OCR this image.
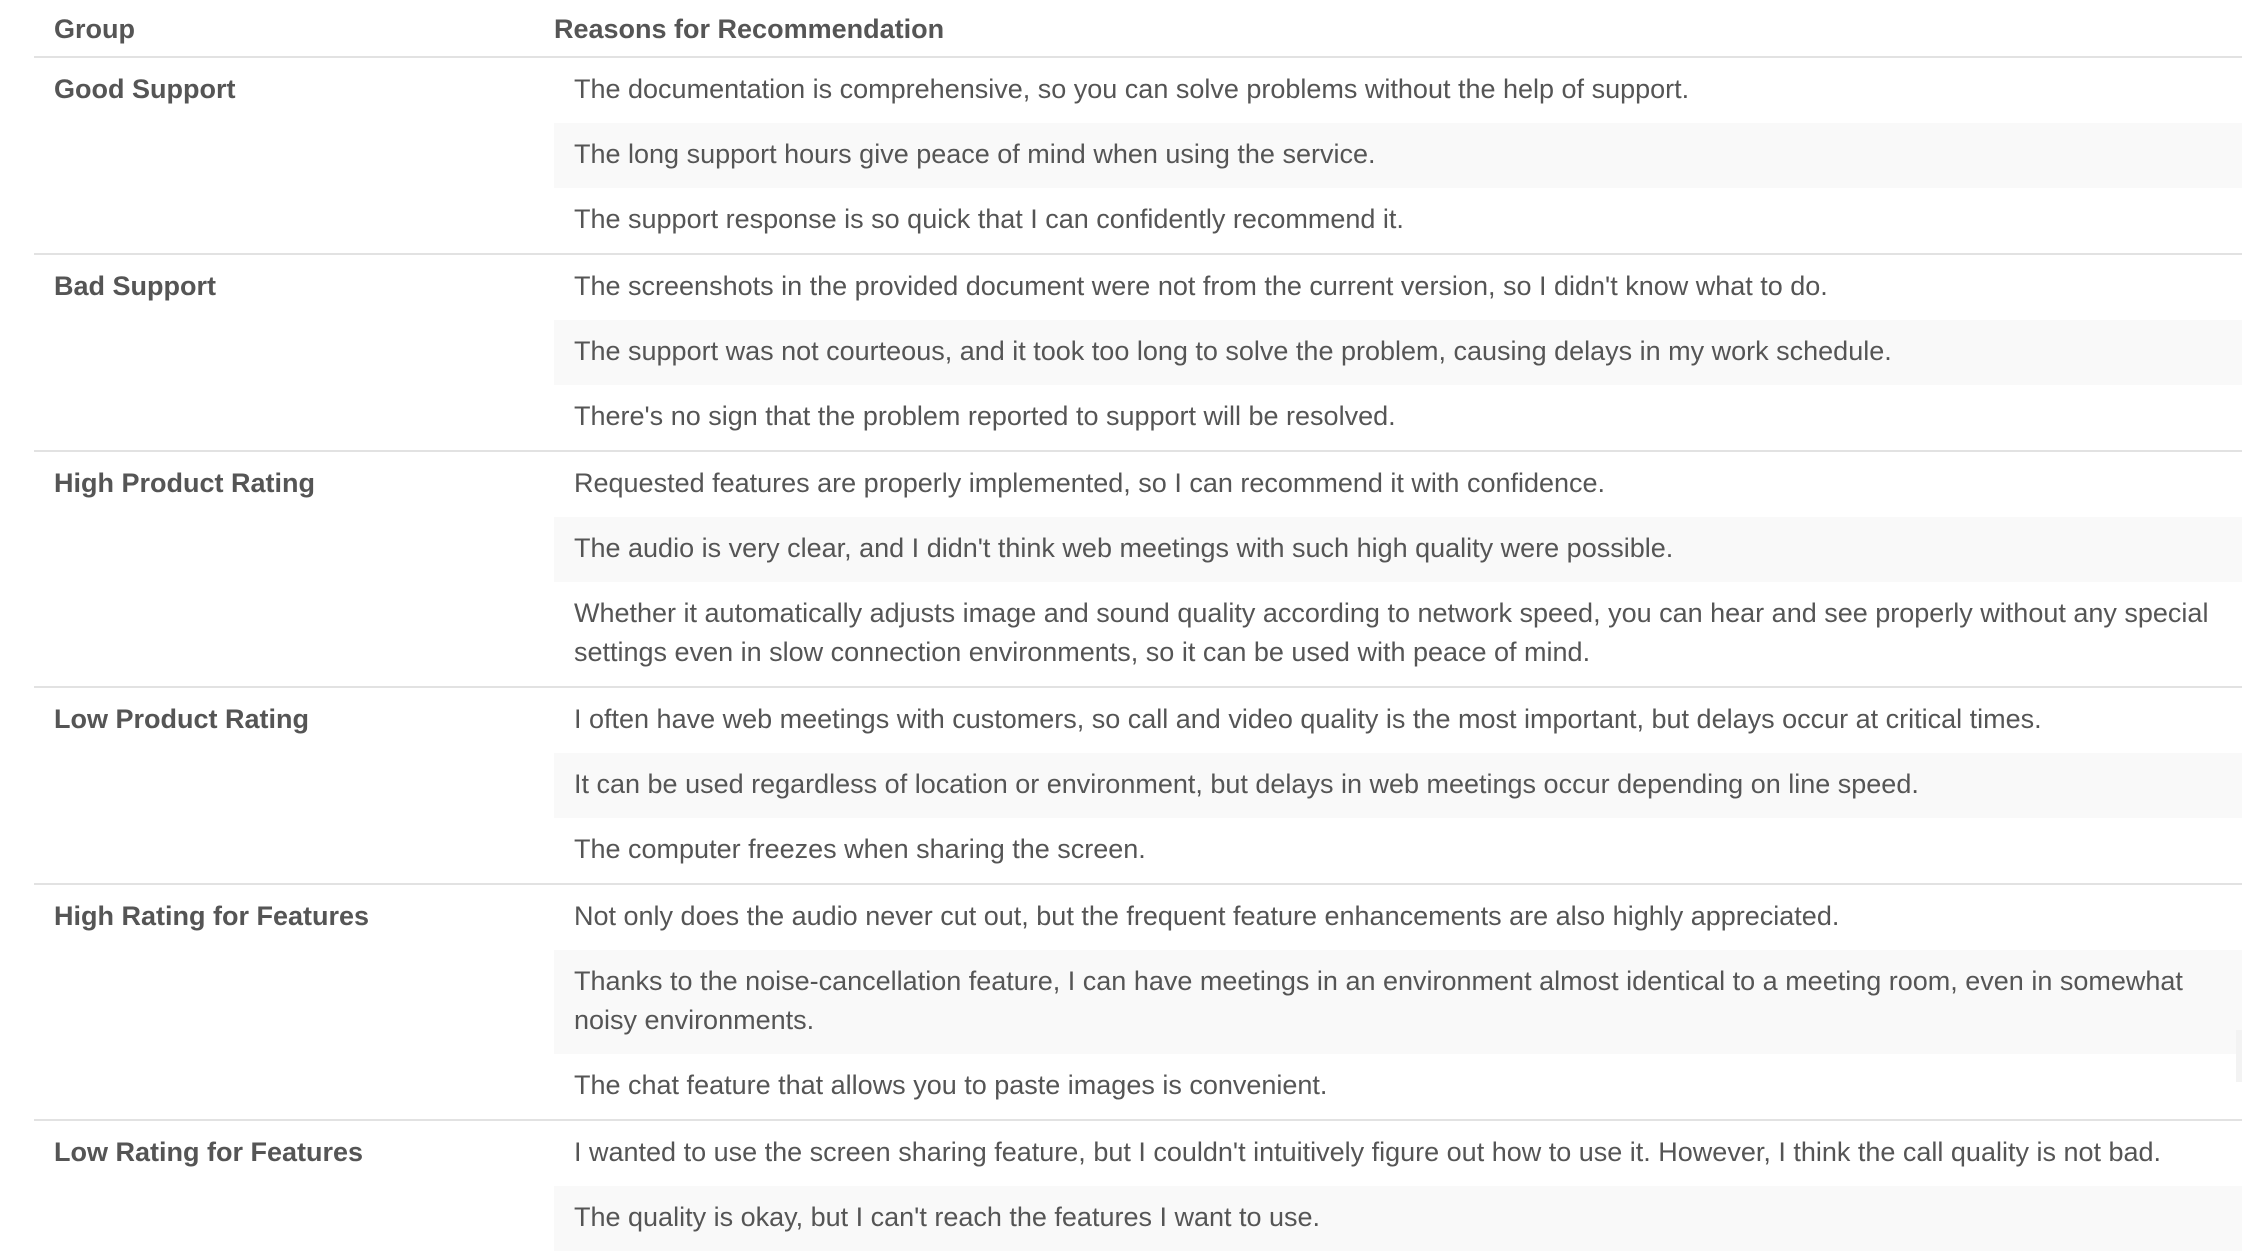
Group	Reasons for Recommendation
Good Support	The documentation is comprehensive, so you can solve problems without the help of support.
The long support hours give peace of mind when using the service.
The support response is so quick that I can confidently recommend it.
Bad Support	The screenshots in the provided document were not from the current version, so I didn't know what to do.
The support was not courteous, and it took too long to solve the problem, causing delays in my work schedule.
There's no sign that the problem reported to support will be resolved.
High Product Rating	Requested features are properly implemented, so I can recommend it with confidence.
The audio is very clear, and I didn't think web meetings with such high quality were possible.
Whether it automatically adjusts image and sound quality according to network speed, you can hear and see properly without any special settings even in slow connection environments, so it can be used with peace of mind.
Low Product Rating	I often have web meetings with customers, so call and video quality is the most important, but delays occur at critical times.
It can be used regardless of location or environment, but delays in web meetings occur depending on line speed.
The computer freezes when sharing the screen.
High Rating for Features	Not only does the audio never cut out, but the frequent feature enhancements are also highly appreciated.
Thanks to the noise-cancellation feature, I can have meetings in an environment almost identical to a meeting room, even in somewhat noisy environments.
The chat feature that allows you to paste images is convenient.
Low Rating for Features	I wanted to use the screen sharing feature, but I couldn't intuitively figure out how to use it. However, I think the call quality is not bad.
The quality is okay, but I can't reach the features I want to use.
